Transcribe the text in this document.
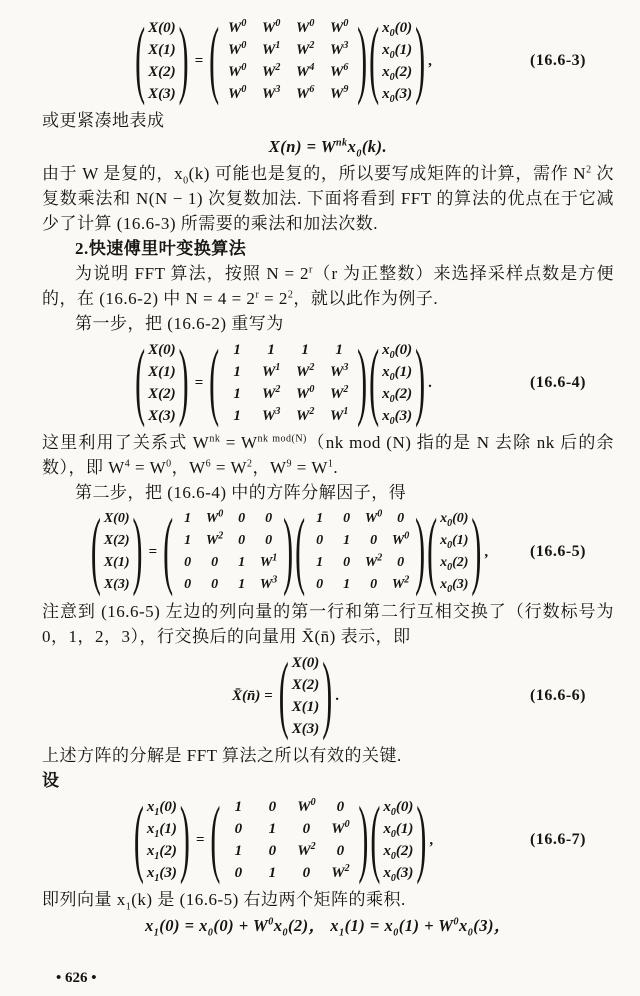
( X(0)
X(1)
X(2)
X(3) ) = ( $W^0$	$W^0$	$W^0$	$W^0$
$W^0$	$W^1$	$W^2$	$W^3$
$W^0$	$W^2$	$W^4$	$W^6$
$W^0$	$W^3$	$W^6$	$W^9$ ) ( $x_0(0)$
$x_0(1)$
$x_0(2)$
$x_0(3)$ ) ,	(16.6-3)

或更紧凑地表成

$X(n) = W^{nk}x_0(k)$.

由于 W 是复的，$x_0(k)$ 可能也是复的，所以要写成矩阵的计算，需作 $N^2$ 次复数乘法和 N(N − 1) 次复数加法. 下面将看到 FFT 的算法的优点在于它减少了计算 (16.6-3) 所需要的乘法和加法次数.

2.快速傅里叶变换算法

为说明 FFT 算法，按照 $N = 2^r(r$ 为正整数）来选择采样点数是方便的，在 (16.6-2) 中 $N = 4 = 2^r = 2^2$，就以此作为例子.

第一步，把 (16.6-2) 重写为

( X(0)
X(1)
X(2)
X(3) ) = ( 1	1	1	1
1	$W^1$	$W^2$	$W^3$
1	$W^2$	$W^0$	$W^2$
1	$W^3$	$W^2$	$W^1$ ) ( $x_0(0)$
$x_0(1)$
$x_0(2)$
$x_0(3)$ ) .	(16.6-4)

这里利用了关系式 $W^{nk} = W^{nk mod(N)}(nk$ mod (N) 指的是 N 去除 nk 后的余数），即 $W^4 = W^0$，$W^6 = W^2$，$W^9 = W^1$.

第二步，把 (16.6-4) 中的方阵分解因子，得

( X(0)
X(2)
X(1)
X(3) ) = ( 1	$W^0$	0	0
1	$W^2$	0	0
0	0	1	$W^1$
0	0	1	$W^3$ ) ( 1	0	$W^0$	0
0	1	0	$W^0$
1	0	$W^2$	0
0	1	0	$W^2$ ) ( $x_0(0)$
$x_0(1)$
$x_0(2)$
$x_0(3)$ ) ,	(16.6-5)

注意到 (16.6-5) 左边的列向量的第一行和第二行互相交换了（行数标号为 0，1，2，3），行交换后的向量用 X̄(n̄) 表示，即

X̄(n̄) = ( X(0)
X(2)
X(1)
X(3) ) .	(16.6-6)

上述方阵的分解是 FFT 算法之所以有效的关键.

设

( $x_1(0)$
$x_1(1)$
$x_1(2)$
$x_1(3)$ ) = ( 1	0	$W^0$	0
0	1	0	$W^0$
1	0	$W^2$	0
0	1	0	$W^2$ ) ( $x_0(0)$
$x_0(1)$
$x_0(2)$
$x_0(3)$ ) ,	(16.6-7)

即列向量 $x_1(k)$ 是 (16.6-5) 右边两个矩阵的乘积.

$x_1(0) = x_0(0) + W^0x_0(2)$， $x_1(1) = x_0(1) + W^0x_0(3)$，

• 626 •
